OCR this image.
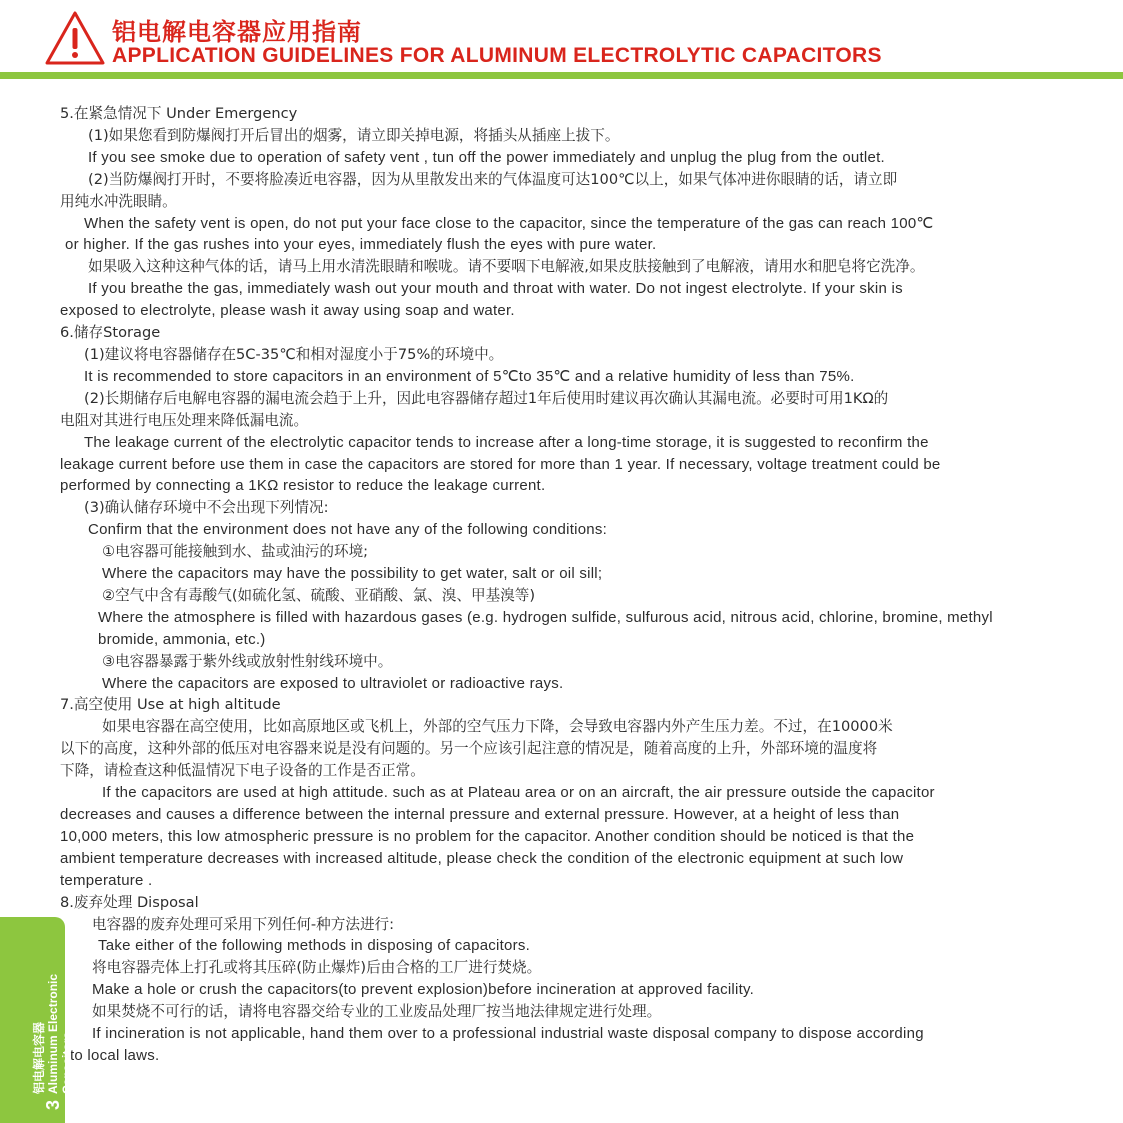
铝电解电容器应用指南
APPLICATION GUIDELINES FOR ALUMINUM ELECTROLYTIC CAPACITORS

5.在紧急情况下 Under Emergency

(1)如果您看到防爆阀打开后冒出的烟雾，请立即关掉电源，将插头从插座上拔下。

If you see smoke due to operation of safety vent , tun off the power immediately and unplug the plug from the outlet.

(2)当防爆阀打开时，不要将脸凑近电容器，因为从里散发出来的气体温度可达100℃以上，如果气体冲进你眼睛的话，请立即

用纯水冲洗眼睛。

When the safety vent is open, do not put your face close to the capacitor, since the temperature of the gas can reach 100℃

or higher. If the gas rushes into your eyes, immediately flush the eyes with pure water.

如果吸入这种这种气体的话，请马上用水清洗眼睛和喉咙。请不要咽下电解液,如果皮肤接触到了电解液，请用水和肥皂将它洗净。

If you breathe the gas, immediately wash out your mouth and throat with water. Do not ingest electrolyte. If your skin is

exposed to electrolyte, please wash it away using soap and water.

6.储存Storage

(1)建议将电容器储存在5C-35℃和相对湿度小于75%的环境中。

It is recommended to store capacitors in an environment of 5℃to 35℃ and a relative humidity of less than 75%.

(2)长期储存后电解电容器的漏电流会趋于上升，因此电容器储存超过1年后使用时建议再次确认其漏电流。必要时可用1KΩ的

电阻对其进行电压处理来降低漏电流。

The leakage current of the electrolytic capacitor tends to increase after a long-time storage, it is suggested to reconfirm the

leakage current before use them in case the capacitors are stored for more than 1 year. If necessary, voltage treatment could be

performed by connecting a 1KΩ resistor to reduce the leakage current.

(3)确认储存环境中不会出现下列情况:

Confirm that the environment does not have any of the following conditions:

①电容器可能接触到水、盐或油污的环境;

Where the capacitors may have the possibility to get water, salt or oil sill;

②空气中含有毒酸气(如硫化氢、硫酸、亚硝酸、氯、溴、甲基溴等)

Where the atmosphere is filled with hazardous gases (e.g. hydrogen sulfide, sulfurous acid, nitrous acid, chlorine, bromine, methyl

bromide, ammonia, etc.)

③电容器暴露于紫外线或放射性射线环境中。

Where the capacitors are exposed to ultraviolet or radioactive rays.

7.高空使用 Use at high altitude

如果电容器在高空使用，比如高原地区或飞机上，外部的空气压力下降，会导致电容器内外产生压力差。不过，在10000米

以下的高度，这种外部的低压对电容器来说是没有问题的。另一个应该引起注意的情况是，随着高度的上升，外部环境的温度将

下降，请检查这种低温情况下电子设备的工作是否正常。

If the capacitors are used at high attitude. such as at Plateau area or on an aircraft, the air pressure outside the capacitor

decreases and causes a difference between the internal pressure and external pressure. However, at a height of less than

10,000 meters, this low atmospheric pressure is no problem for the capacitor. Another condition should be noticed is that the

ambient temperature decreases with increased altitude, please check the condition of the electronic equipment at such low

temperature .

8.废弃处理 Disposal

电容器的废弃处理可采用下列任何-种方法进行:

Take either of the following methods in disposing of capacitors.

将电容器壳体上打孔或将其压碎(防止爆炸)后由合格的工厂进行焚烧。

Make a hole or crush the capacitors(to prevent explosion)before incineration at approved facility.

如果焚烧不可行的话，请将电容器交给专业的工业废品处理厂按当地法律规定进行处理。

If incineration is not applicable, hand them over to a professional industrial waste disposal company to dispose according

to local laws.

3
铝电解电容器 Aluminum Electronic Capacitors
